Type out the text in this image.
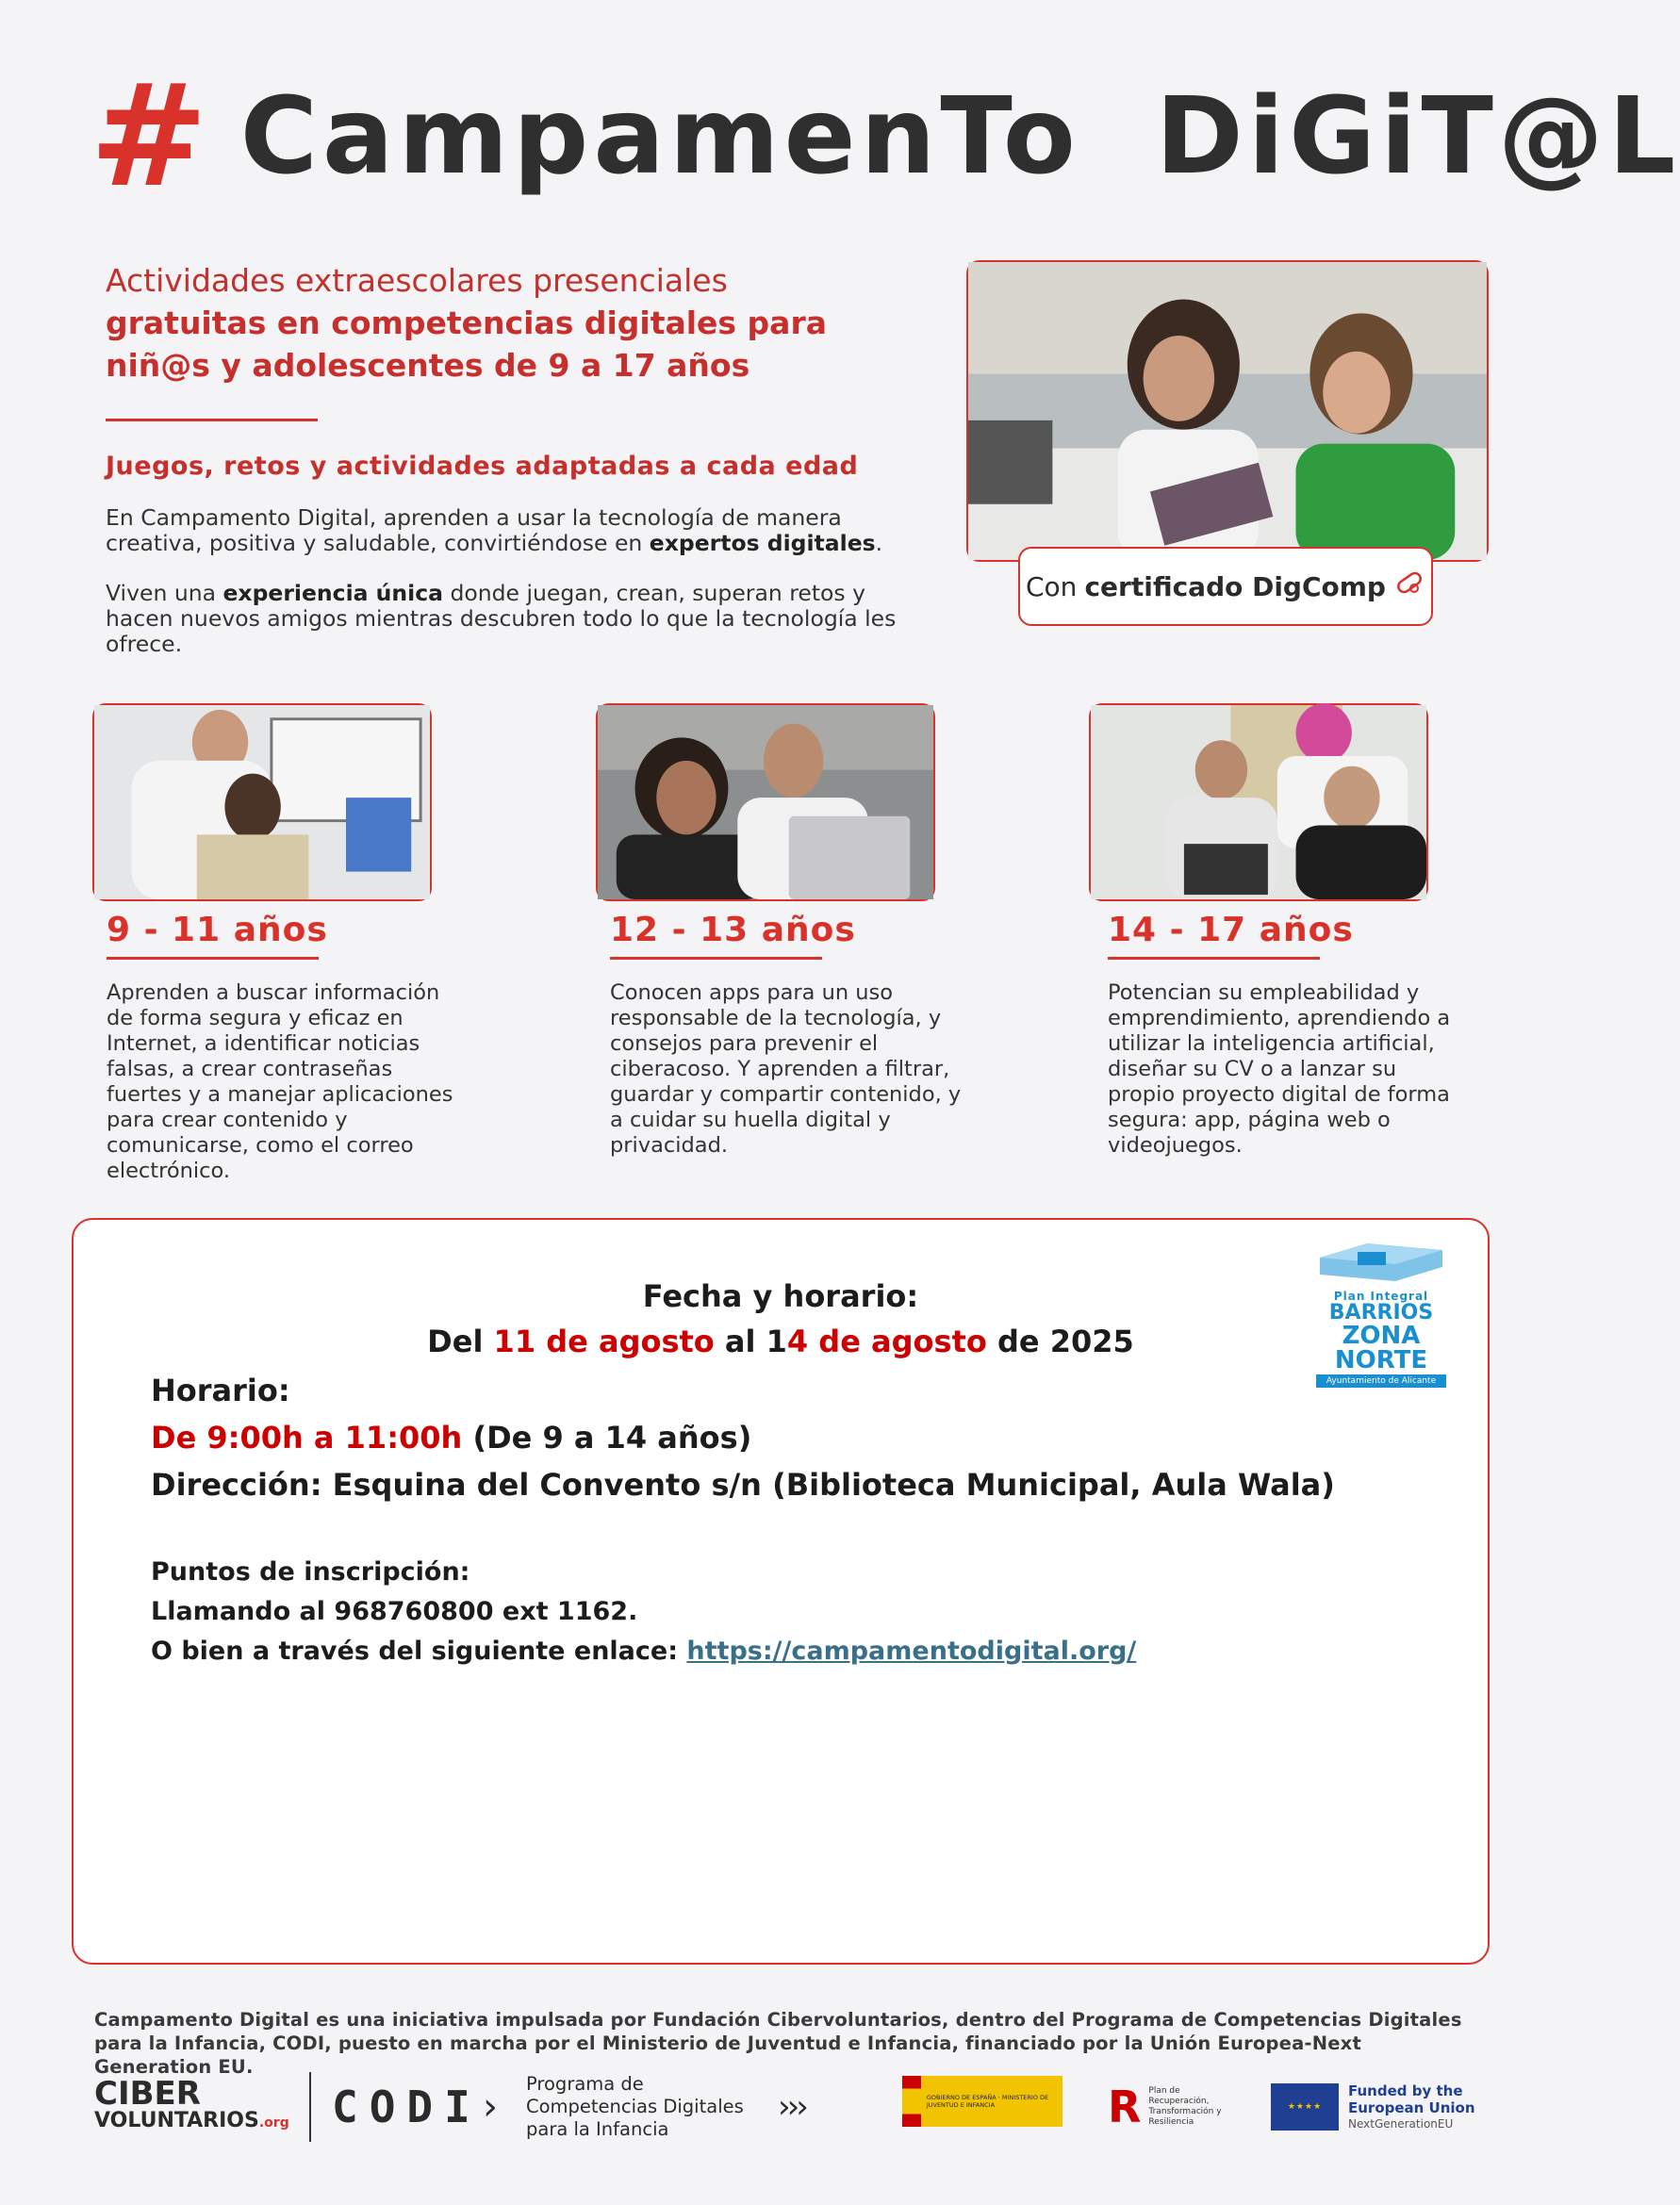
# CampamenTo DiGiT@L
Actividades extraescolares presenciales
gratuitas en competencias digitales para
niñ@s y adolescentes de 9 a 17 años
Juegos, retos y actividades adaptadas a cada edad

En Campamento Digital, aprenden a usar la tecnología de manera creativa, positiva y saludable, convirtiéndose en expertos digitales.

Viven una experiencia única donde juegan, crean, superan retos y hacen nuevos amigos mientras descubren todo lo que la tecnología les ofrece.

Con certificado DigComp
9 - 11 años

Aprenden a buscar información de forma segura y eficaz en Internet, a identificar noticias falsas, a crear contraseñas fuertes y a manejar aplicaciones para crear contenido y comunicarse, como el correo electrónico.

12 - 13 años

Conocen apps para un uso responsable de la tecnología, y consejos para prevenir el ciberacoso. Y aprenden a filtrar, guardar y compartir contenido, y a cuidar su huella digital y privacidad.

14 - 17 años

Potencian su empleabilidad y emprendimiento, aprendiendo a utilizar la inteligencia artificial, diseñar su CV o a lanzar su propio proyecto digital de forma segura: app, página web o videojuegos.

Fecha y horario:
Del 11 de agosto al 14 de agosto de 2025
Horario:
De 9:00h a 11:00h (De 9 a 14 años)
Dirección: Esquina del Convento s/n (Biblioteca Municipal, Aula Wala)
Puntos de inscripción:
Llamando al 968760800 ext 1162.
O bien a través del siguiente enlace: https://campamentodigital.org/
Plan Integral
BARRIOS
ZONA
NORTE
Ayuntamiento de Alicante
Campamento Digital es una iniciativa impulsada por Fundación Cibervoluntarios, dentro del Programa de Competencias Digitales para la Infancia, CODI, puesto en marcha por el Ministerio de Juventud e Infancia, financiado por la Unión Europea-Next Generation EU.
CIBER
VOLUNTARIOS.org CODI ›
Programa de Competencias Digitales para la Infancia
›››	GOBIERNO DE ESPAÑA · MINISTERIO DE JUVENTUD E INFANCIA	R Plan de Recuperación, Transformación y Resiliencia
★★★★
Funded by the
European Union
NextGenerationEU
